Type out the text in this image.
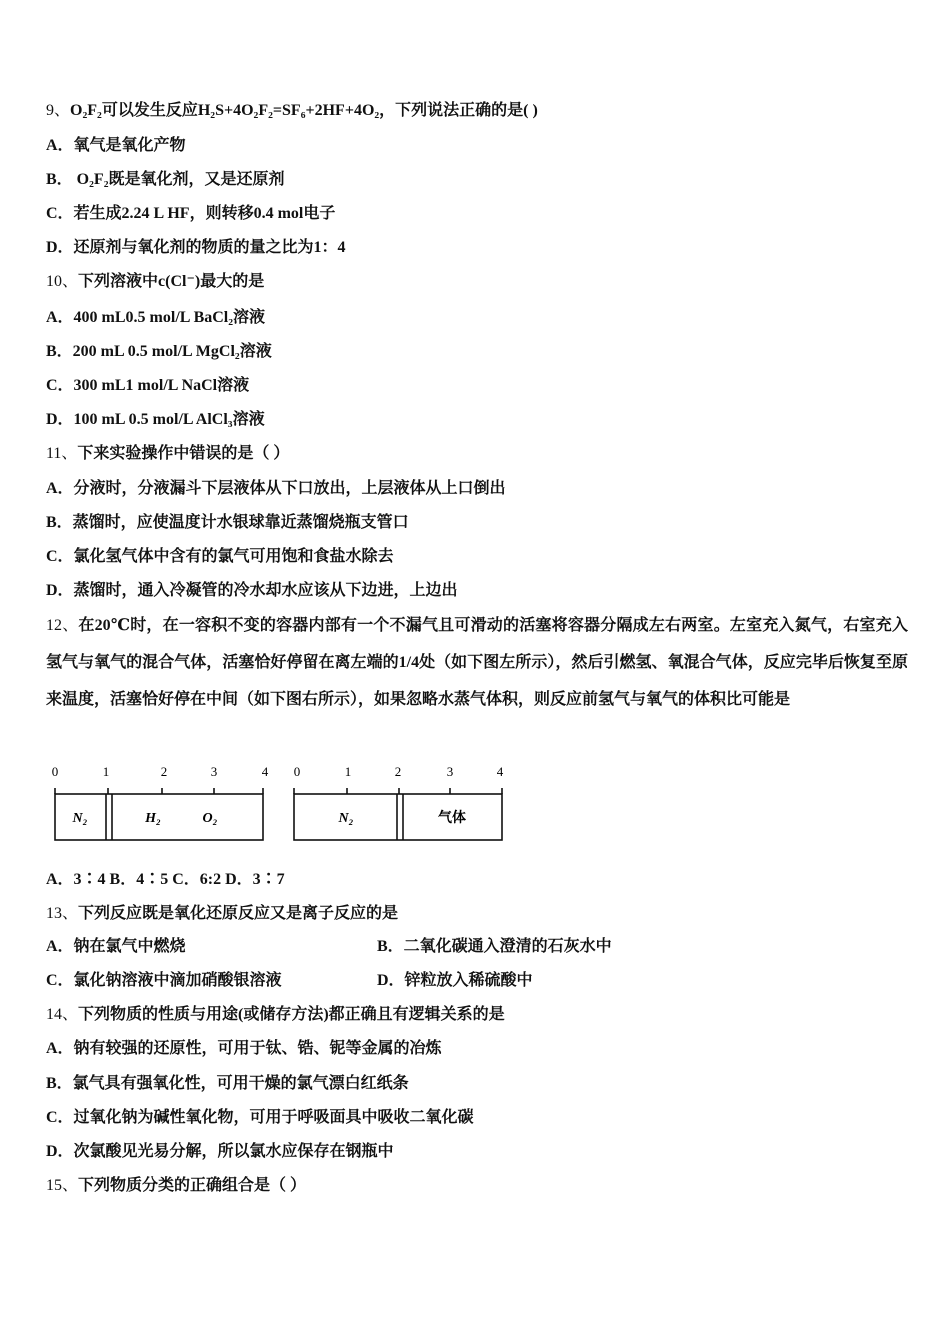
9、O₂F₂可以发生反应H₂S+4O₂F₂=SF₆+2HF+4O₂，下列说法正确的是( )
A．氧气是氧化产物
B． O₂F₂既是氧化剂，又是还原剂
C．若生成2.24 L HF，则转移0.4 mol电子
D．还原剂与氧化剂的物质的量之比为1：4
10、下列溶液中c(Cl⁻)最大的是
A．400 mL0.5 mol/L BaCl₂溶液
B．200 mL 0.5 mol/L MgCl₂溶液
C．300 mL1 mol/L NaCl溶液
D．100 mL 0.5 mol/L AlCl₃溶液
11、下来实验操作中错误的是（ ）
A．分液时，分液漏斗下层液体从下口放出，上层液体从上口倒出
B．蒸馏时，应使温度计水银球靠近蒸馏烧瓶支管口
C．氯化氢气体中含有的氯气可用饱和食盐水除去
D．蒸馏时，通入冷凝管的冷水却水应该从下边进，上边出
12、在20℃时，在一容积不变的容器内部有一个不漏气且可滑动的活塞将容器分隔成左右两室。左室充入氮气，右室充入氢气与氧气的混合气体，活塞恰好停留在离左端的1/4处（如下图左所示），然后引燃氢、氧混合气体，反应完毕后恢复至原来温度，活塞恰好停在中间（如下图右所示），如果忽略水蒸气体积，则反应前氢气与氧气的体积比可能是
0	1	2	3	4
N₂	H₂	O₂
0	1	2	3	4
N₂	气体
A．3∶4 B．4∶5 C．6:2 D．3∶7
13、下列反应既是氧化还原反应又是离子反应的是
A．钠在氯气中燃烧	B．二氧化碳通入澄清的石灰水中
C．氯化钠溶液中滴加硝酸银溶液	D．锌粒放入稀硫酸中
14、下列物质的性质与用途(或储存方法)都正确且有逻辑关系的是
A．钠有较强的还原性，可用于钛、锆、铌等金属的冶炼
B．氯气具有强氧化性，可用干燥的氯气漂白红纸条
C．过氧化钠为碱性氧化物，可用于呼吸面具中吸收二氧化碳
D．次氯酸见光易分解，所以氯水应保存在钢瓶中
15、下列物质分类的正确组合是（ ）
